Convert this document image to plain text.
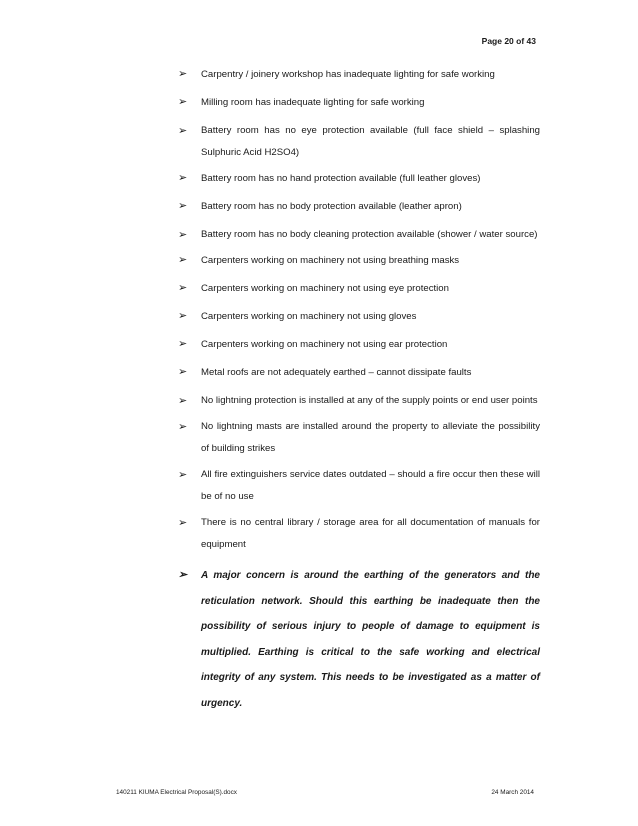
Page 20 of 43
➢ Carpentry / joinery workshop has inadequate lighting for safe working
➢ Milling room has inadequate lighting for safe working
➢ Battery room has no eye protection available (full face shield – splashing Sulphuric Acid H2SO4)
➢ Battery room has no hand protection available (full leather gloves)
➢ Battery room has no body protection available (leather apron)
➢ Battery room has no body cleaning protection available (shower / water source)
➢ Carpenters working on machinery not using breathing masks
➢ Carpenters working on machinery not using eye protection
➢ Carpenters working on machinery not using gloves
➢ Carpenters working on machinery not using ear protection
➢ Metal roofs are not adequately earthed – cannot dissipate faults
➢ No lightning protection is installed at any of the supply points or end user points
➢ No lightning masts are installed around the property to alleviate the possibility of building strikes
➢ All fire extinguishers service dates outdated – should a fire occur then these will be of no use
➢ There is no central library / storage area for all documentation of manuals for equipment
➢ A major concern is around the earthing of the generators and the reticulation network. Should this earthing be inadequate then the possibility of serious injury to people of damage to equipment is multiplied. Earthing is critical to the safe working and electrical integrity of any system. This needs to be investigated as a matter of urgency.
140211 KIUMA Electrical Proposal(S).docx	24 March 2014
